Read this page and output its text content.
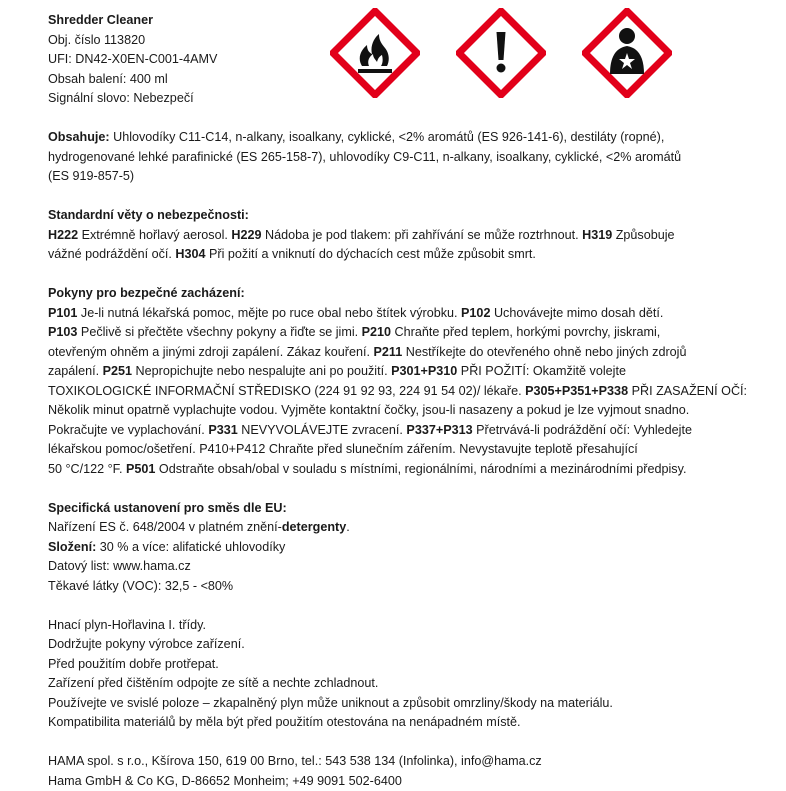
Shredder Cleaner
Obj. číslo 113820
UFI: DN42-X0EN-C001-4AMV
Obsah balení: 400 ml
Signální slovo: Nebezpečí
Obsahuje: Uhlovodíky C11-C14, n-alkany, isoalkany, cyklické, <2% aromátů (ES 926-141-6), destiláty (ropné),
hydrogenované lehké parafinické (ES 265-158-7), uhlovodíky C9-C11, n-alkany, isoalkany, cyklické, <2% aromátů
(ES 919-857-5)
Standardní věty o nebezpečnosti:
H222 Extrémně hořlavý aerosol. H229 Nádoba je pod tlakem: při zahřívání se může roztrhnout. H319 Způsobuje
vážné podráždění očí. H304 Při požití a vniknutí do dýchacích cest může způsobit smrt.
Pokyny pro bezpečné zacházení:
P101 Je-li nutná lékařská pomoc, mějte po ruce obal nebo štítek výrobku. P102 Uchovávejte mimo dosah dětí.
P103 Pečlivě si přečtěte všechny pokyny a řiďte se jimi. P210 Chraňte před teplem, horkými povrchy, jiskrami,
otevřeným ohněm a jinými zdroji zapálení. Zákaz kouření. P211 Nestříkejte do otevřeného ohně nebo jiných zdrojů
zapálení. P251 Nepropichujte nebo nespalujte ani po použití. P301+P310 PŘI POŽITÍ: Okamžitě volejte
TOXIKOLOGICKÉ INFORMAČNÍ STŘEDISKO (224 91 92 93, 224 91 54 02)/ lékaře. P305+P351+P338 PŘI ZASAŽENÍ OČÍ:
Několik minut opatrně vyplachujte vodou. Vyjměte kontaktní čočky, jsou-li nasazeny a pokud je lze vyjmout snadno.
Pokračujte ve vyplachování. P331 NEVYVOLÁVEJTE zvracení. P337+P313 Přetrvává-li podráždění očí: Vyhledejte
lékařskou pomoc/ošetření. P410+P412 Chraňte před slunečním zářením. Nevystavujte teplotě přesahující
50 °C/122 °F. P501 Odstraňte obsah/obal v souladu s místními, regionálními, národními a mezinárodními předpisy.
Specifická ustanovení pro směs dle EU:
Nařízení ES č. 648/2004 v platném znění-detergenty.
Složení: 30 % a více: alifatické uhlovodíky
Datový list: www.hama.cz
Těkavé látky (VOC): 32,5 - <80%
Hnací plyn-Hořlavina I. třídy.
Dodržujte pokyny výrobce zařízení.
Před použitím dobře protřepat.
Zařízení před čištěním odpojte ze sítě a nechte zchladnout.
Používejte ve svislé poloze – zkapalněný plyn může uniknout a způsobit omrzliny/škody na materiálu.
Kompatibilita materiálů by měla být před použitím otestována na nenápadném místě.
HAMA spol. s r.o., Kšírova 150, 619 00 Brno, tel.: 543 538 134 (Infolinka), info@hama.cz
Hama GmbH & Co KG, D-86652 Monheim; +49 9091 502-6400
